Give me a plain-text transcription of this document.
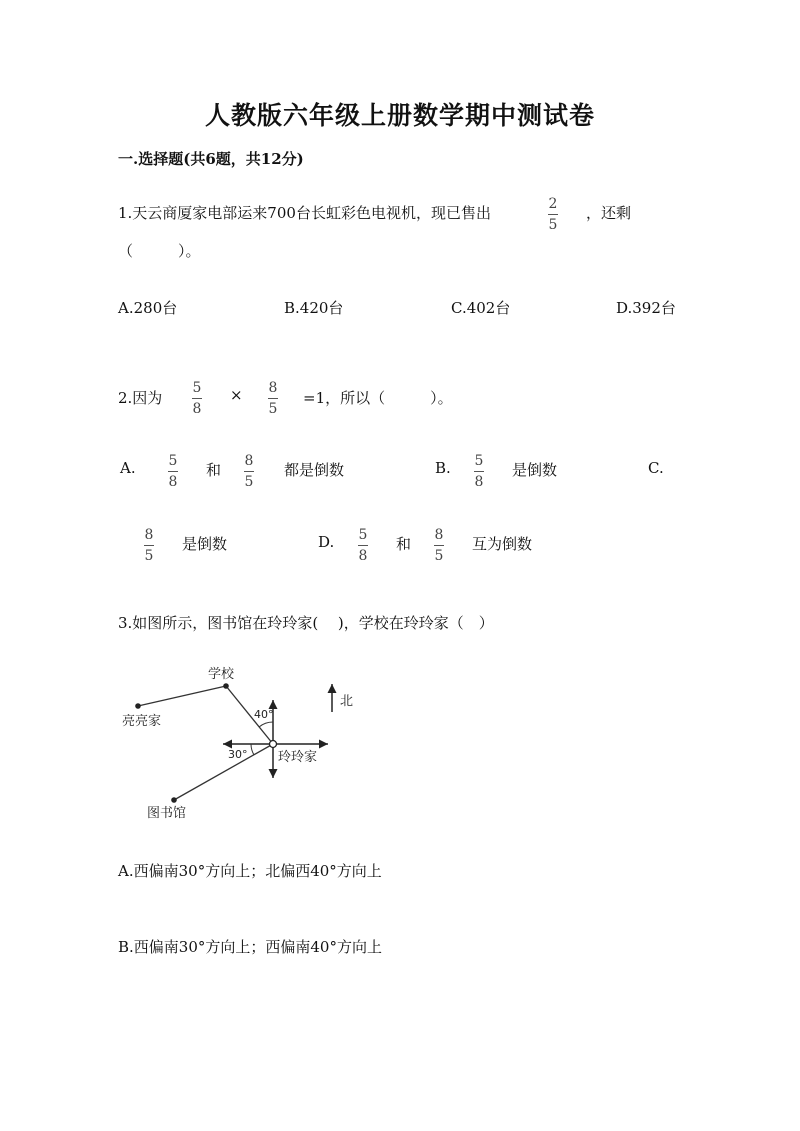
人教版六年级上册数学期中测试卷
一.选择题(共6题，共12分)
1.天云商厦家电部运来700台长虹彩色电视机，现已售出	2
5
，还剩
（　　　）。
A.280台	B.420台	C.402台	D.392台
2.因为
5
8
× 8
5
=1，所以（　　　）。
A. 5
8
和 8
5
都是倒数	B. 5
8
是倒数	C.
8
5
是倒数	D. 5
8
和 8
5
互为倒数
3.如图所示，图书馆在玲玲家(　 )，学校在玲玲家（　）
学校
亮亮家
玲玲家
图书馆
北
40°
30°
A.西偏南30°方向上；北偏西40°方向上
B.西偏南30°方向上；西偏南40°方向上
